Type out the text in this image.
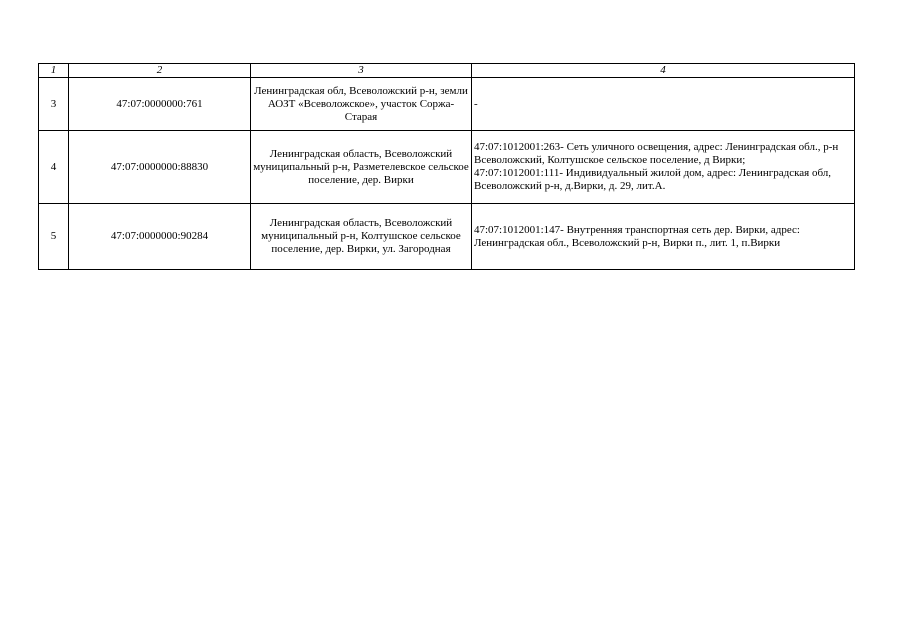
1	2	3	4
3	47:07:0000000:761	Ленинградская обл, Всеволожский р-н, земли АОЗТ «Всеволожское», участок Соржа-Старая	-

4	47:07:0000000:88830	Ленинградская область, Всеволожский муниципальный р-н, Разметелевское сельское поселение, дер. Вирки	47:07:1012001:263- Сеть уличного освещения, адрес: Ленинградская обл., р-н Всеволожский, Колтушское сельское поселение, д Вирки;
47:07:1012001:111- Индивидуальный жилой дом, адрес: Ленинградская обл, Всеволожский р-н, д.Вирки, д. 29, лит.А.

5	47:07:0000000:90284	Ленинградская область, Всеволожский муниципальный р-н, Колтушское сельское поселение, дер. Вирки, ул. Загородная	47:07:1012001:147- Внутренняя транспортная сеть дер. Вирки, адрес: Ленинградская обл., Всеволожский р-н, Вирки п., лит. 1, п.Вирки
